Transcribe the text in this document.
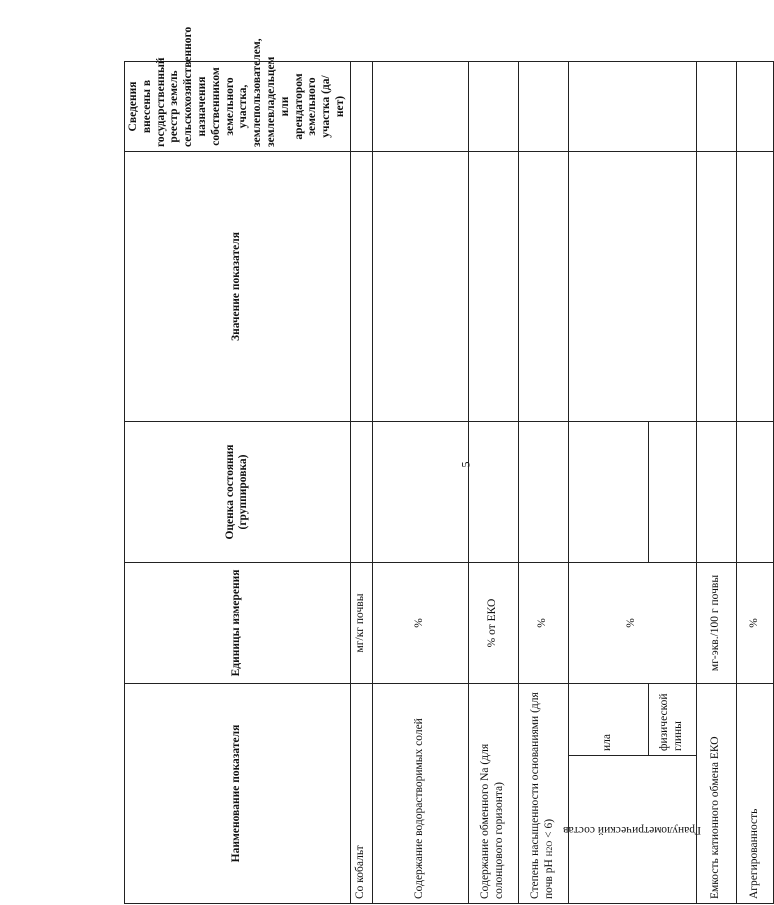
5
Наименование показателя		Единицы измерения	Оценка состояния (группировка)	Значение показателя	Сведения внесены в государственный реестр земель сельскохозяйственного назначения собственником земельного участка, землепользователем, землевладельцем или арендатором земельного участка (да/нет)	
Co кобальт		мг/кг почвы				
Содержание водорастворимых солей		%				
Содержание обменного Na (для солонцового горизонта)		% от ЕКО				
Степень насыщенности основаниями (для почв pH H2O < 6)		%				

Гранулометрический состав	ила	%				
	физической глины					
Емкость катионного обмена ЕКО		мг-экв./100 г почвы				
Агрегированность		%				
